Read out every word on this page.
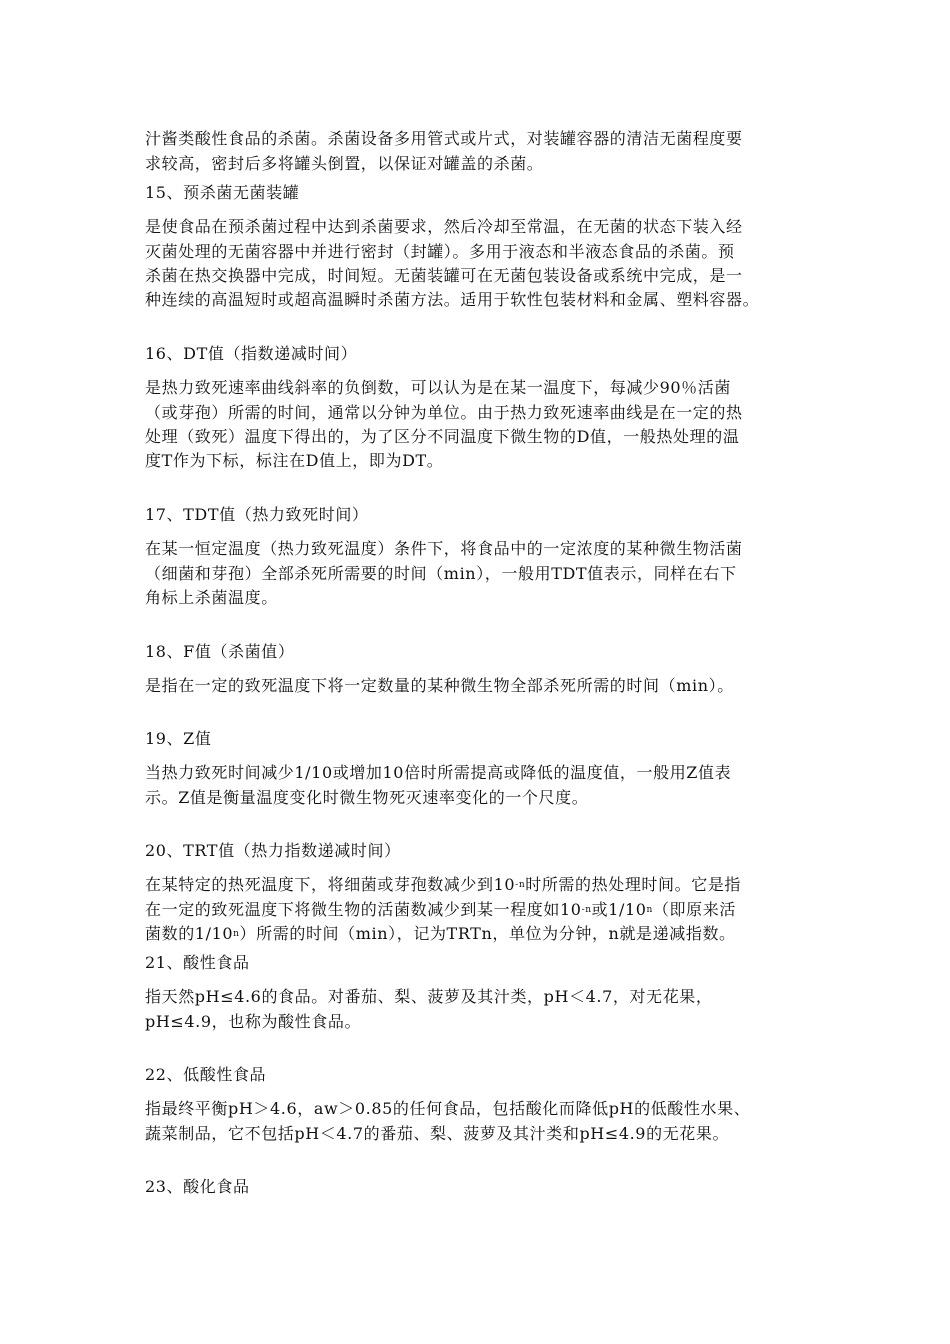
汁酱类酸性食品的杀菌。杀菌设备多用管式或片式，对装罐容器的清洁无菌程度要
求较高，密封后多将罐头倒置，以保证对罐盖的杀菌。
15、预杀菌无菌装罐
是使食品在预杀菌过程中达到杀菌要求，然后冷却至常温，在无菌的状态下装入经
灭菌处理的无菌容器中并进行密封（封罐）。多用于液态和半液态食品的杀菌。预
杀菌在热交换器中完成，时间短。无菌装罐可在无菌包装设备或系统中完成，是一
种连续的高温短时或超高温瞬时杀菌方法。适用于软性包装材料和金属、塑料容器。
16、DT值（指数递减时间）
是热力致死速率曲线斜率的负倒数，可以认为是在某一温度下，每减少90％活菌
（或芽孢）所需的时间，通常以分钟为单位。由于热力致死速率曲线是在一定的热
处理（致死）温度下得出的，为了区分不同温度下微生物的D值，一般热处理的温
度T作为下标，标注在D值上，即为DT。
17、TDT值（热力致死时间）
在某一恒定温度（热力致死温度）条件下，将食品中的一定浓度的某种微生物活菌
（细菌和芽孢）全部杀死所需要的时间（min），一般用TDT值表示，同样在右下
角标上杀菌温度。
18、F值（杀菌值）
是指在一定的致死温度下将一定数量的某种微生物全部杀死所需的时间（min）。
19、Z值
当热力致死时间减少1/10或增加10倍时所需提高或降低的温度值，一般用Z值表
示。Z值是衡量温度变化时微生物死灭速率变化的一个尺度。
20、TRT值（热力指数递减时间）
在某特定的热死温度下，将细菌或芽孢数减少到$10^{-n}$时所需的热处理时间。它是指
在一定的致死温度下将微生物的活菌数减少到某一程度如$10^{-n}$或1/10$^n$（即原来活
菌数的1/10$^n$）所需的时间（min），记为TRTn，单位为分钟，n就是递减指数。
21、酸性食品
指天然pH≤4.6的食品。对番茄、梨、菠萝及其汁类，pH＜4.7，对无花果，
pH≤4.9，也称为酸性食品。
22、低酸性食品
指最终平衡pH＞4.6，aw＞0.85的任何食品，包括酸化而降低pH的低酸性水果、
蔬菜制品，它不包括pH＜4.7的番茄、梨、菠萝及其汁类和pH≤4.9的无花果。
23、酸化食品
